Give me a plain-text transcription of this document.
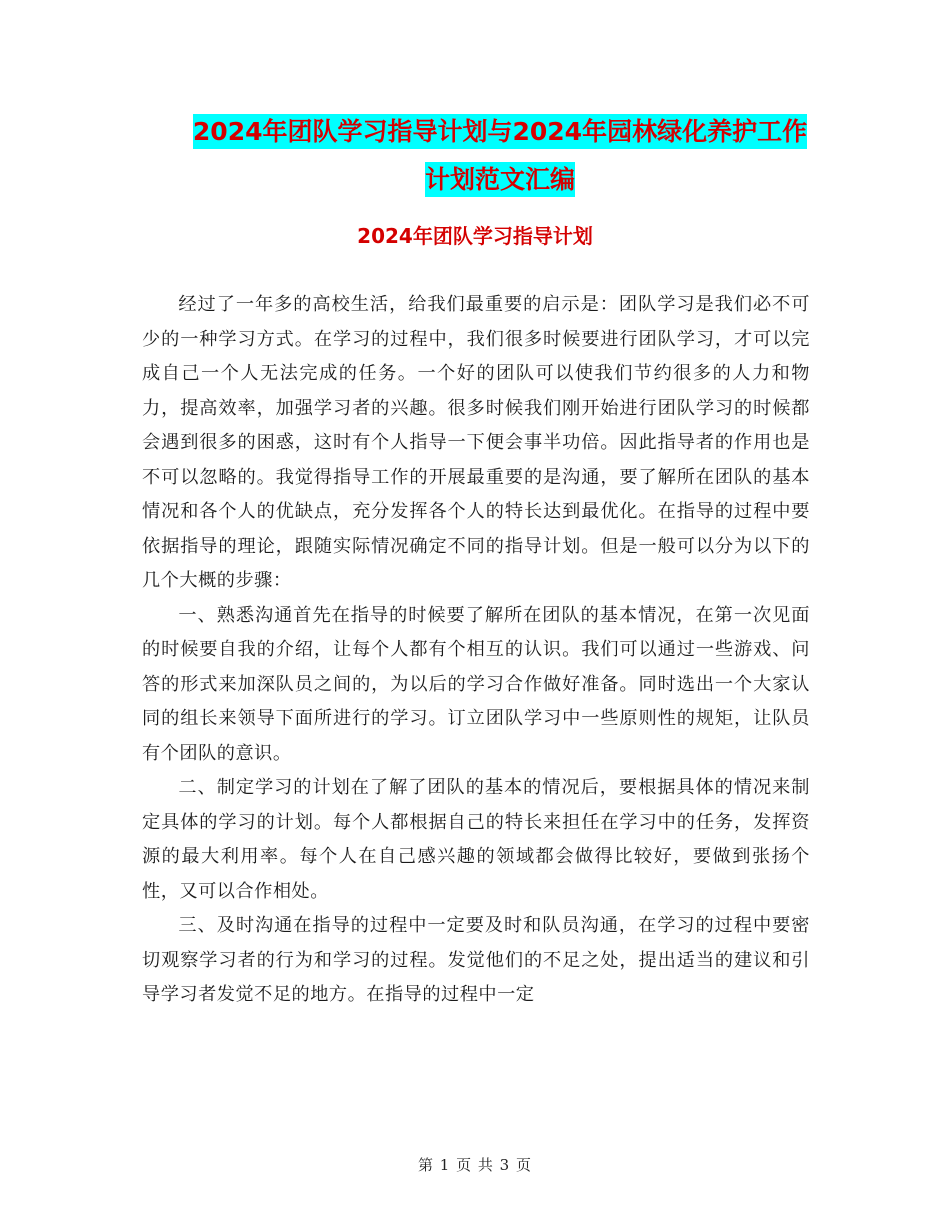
2024年团队学习指导计划与2024年园林绿化养护工作
计划范文汇编
2024年团队学习指导计划

经过了一年多的高校生活，给我们最重要的启示是：团队学习是我们必不可少的一种学习方式。在学习的过程中，我们很多时候要进行团队学习，才可以完成自己一个人无法完成的任务。一个好的团队可以使我们节约很多的人力和物力，提高效率，加强学习者的兴趣。很多时候我们刚开始进行团队学习的时候都会遇到很多的困惑，这时有个人指导一下便会事半功倍。因此指导者的作用也是不可以忽略的。我觉得指导工作的开展最重要的是沟通，要了解所在团队的基本情况和各个人的优缺点，充分发挥各个人的特长达到最优化。在指导的过程中要依据指导的理论，跟随实际情况确定不同的指导计划。但是一般可以分为以下的几个大概的步骤：

一、熟悉沟通首先在指导的时候要了解所在团队的基本情况，在第一次见面的时候要自我的介绍，让每个人都有个相互的认识。我们可以通过一些游戏、问答的形式来加深队员之间的，为以后的学习合作做好准备。同时选出一个大家认同的组长来领导下面所进行的学习。订立团队学习中一些原则性的规矩，让队员有个团队的意识。

二、制定学习的计划在了解了团队的基本的情况后，要根据具体的情况来制定具体的学习的计划。每个人都根据自己的特长来担任在学习中的任务，发挥资源的最大利用率。每个人在自己感兴趣的领域都会做得比较好，要做到张扬个性，又可以合作相处。

三、及时沟通在指导的过程中一定要及时和队员沟通，在学习的过程中要密切观察学习者的行为和学习的过程。发觉他们的不足之处，提出适当的建议和引导学习者发觉不足的地方。在指导的过程中一定

第 1 页 共 3 页
